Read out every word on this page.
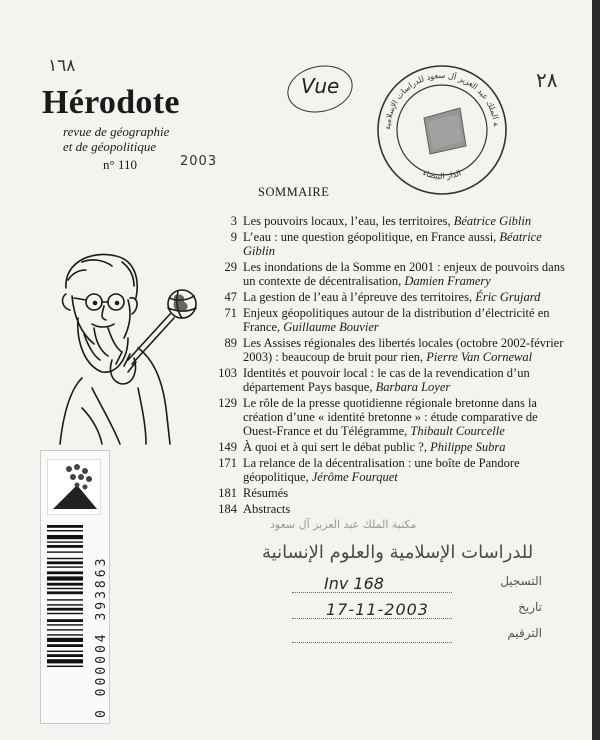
١٦٨
٢٨
Hérodote
revue de géographie
et de géopolitique
n° 110	2003
Vue
ة الملك عبد العزيز آل سعود للدراسات الإسلامية
الدار البيضاء
SOMMAIRE
3 Les pouvoirs locaux, l’eau, les territoires, Béatrice Giblin
9 L’eau : une question géopolitique, en France aussi, Béatrice Giblin
29 Les inondations de la Somme en 2001 : enjeux de pouvoirs dans un contexte de décentralisation, Damien Framery
47 La gestion de l’eau à l’épreuve des territoires, Éric Grujard
71 Enjeux géopolitiques autour de la distribution d’électricité en France, Guillaume Bouvier
89 Les Assises régionales des libertés locales (octobre 2002-février 2003) : beaucoup de bruit pour rien, Pierre Van Cornewal
103 Identités et pouvoir local : le cas de la revendication d’un département Pays basque, Barbara Loyer
129 Le rôle de la presse quotidienne régionale bretonne dans la création d’une « identité bretonne » : étude comparative de Ouest-France et du Télégramme, Thibault Courcelle
149 À quoi et à qui sert le débat public ?, Philippe Subra
171 La relance de la décentralisation : une boîte de Pandore géopolitique, Jérôme Fourquet
181 Résumés
184 Abstracts
0 000004 393863
مكتبة الملك عبد العزيز آل سعود
للدراسات الإسلامية والعلوم الإنسانية
التسجيل
تاريخ
الترقيم
Inv 168
17-11-2003
